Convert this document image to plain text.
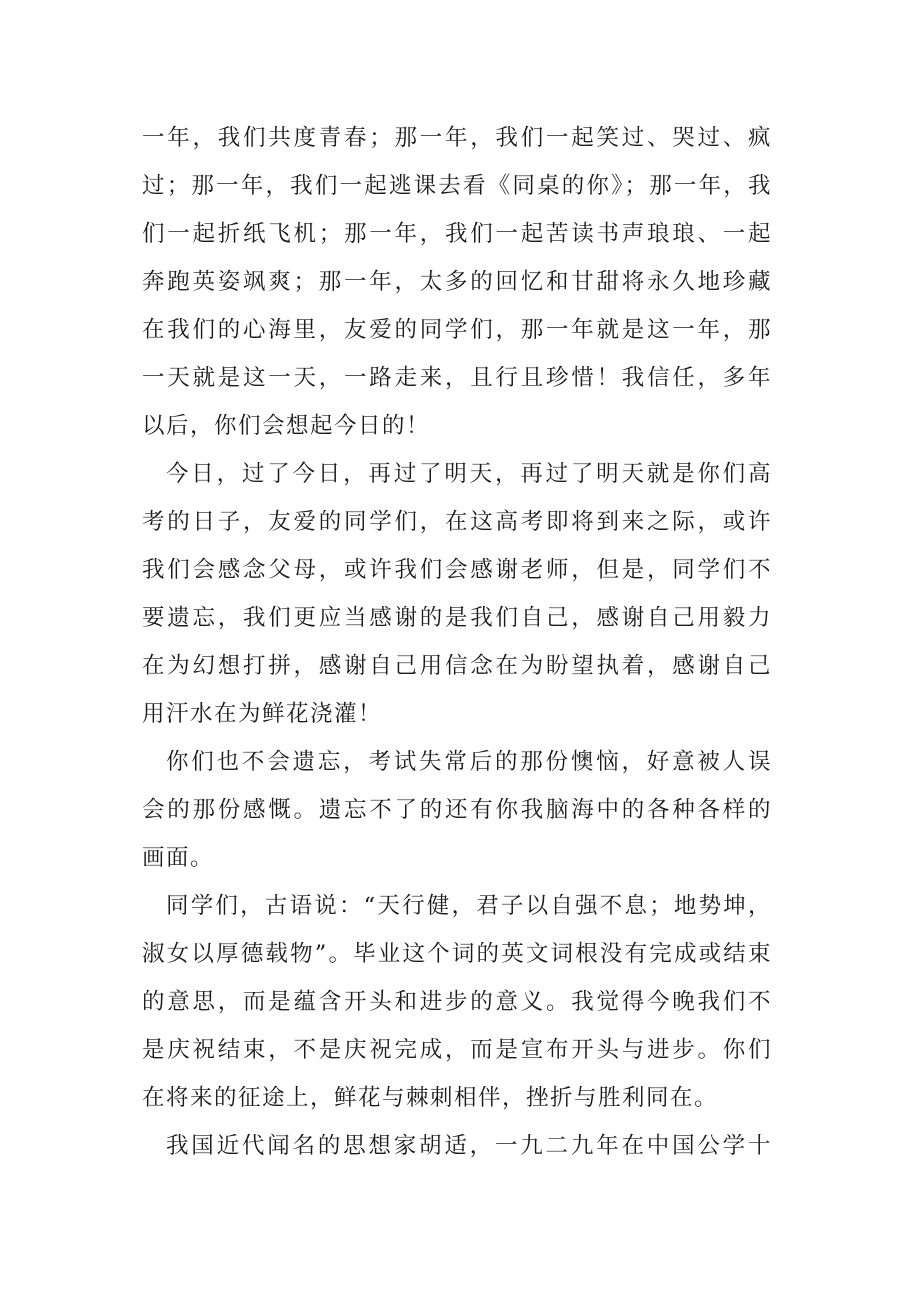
一年，我们共度青春；那一年，我们一起笑过、哭过、疯
过；那一年，我们一起逃课去看《同桌的你》；那一年，我
们一起折纸飞机；那一年，我们一起苦读书声琅琅、一起
奔跑英姿飒爽；那一年，太多的回忆和甘甜将永久地珍藏
在我们的心海里，友爱的同学们，那一年就是这一年，那
一天就是这一天，一路走来，且行且珍惜！我信任，多年
以后，你们会想起今日的！
今日，过了今日，再过了明天，再过了明天就是你们高
考的日子，友爱的同学们，在这高考即将到来之际，或许
我们会感念父母，或许我们会感谢老师，但是，同学们不
要遗忘，我们更应当感谢的是我们自己，感谢自己用毅力
在为幻想打拼，感谢自己用信念在为盼望执着，感谢自己
用汗水在为鲜花浇灌！
你们也不会遗忘，考试失常后的那份懊恼，好意被人误
会的那份感慨。遗忘不了的还有你我脑海中的各种各样的
画面。
同学们，古语说：“天行健，君子以自强不息；地势坤，
淑女以厚德载物”。毕业这个词的英文词根没有完成或结束
的意思，而是蕴含开头和进步的意义。我觉得今晚我们不
是庆祝结束，不是庆祝完成，而是宣布开头与进步。你们
在将来的征途上，鲜花与棘刺相伴，挫折与胜利同在。
我国近代闻名的思想家胡适，一九二九年在中国公学十
